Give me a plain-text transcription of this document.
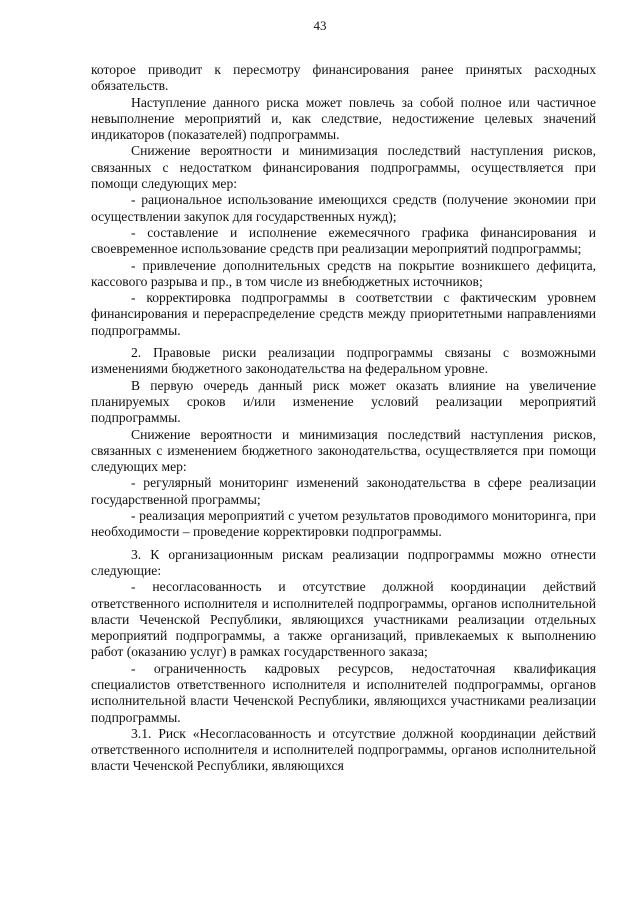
43

которое приводит к пересмотру финансирования ранее принятых расходных обязательств.

Наступление данного риска может повлечь за собой полное или частичное невыполнение мероприятий и, как следствие, недостижение целевых значений индикаторов (показателей) подпрограммы.

Снижение вероятности и минимизация последствий наступления рисков, связанных с недостатком финансирования подпрограммы, осуществляется при помощи следующих мер:

- рациональное использование имеющихся средств (получение экономии при осуществлении закупок для государственных нужд);

- составление и исполнение ежемесячного графика финансирования и своевременное использование средств при реализации мероприятий подпрограммы;

- привлечение дополнительных средств на покрытие возникшего дефицита, кассового разрыва и пр., в том числе из внебюджетных источников;

- корректировка подпрограммы в соответствии с фактическим уровнем финансирования и перераспределение средств между приоритетными направлениями подпрограммы.

2. Правовые риски реализации подпрограммы связаны с возможными изменениями бюджетного законодательства на федеральном уровне.

В первую очередь данный риск может оказать влияние на увеличение планируемых сроков и/или изменение условий реализации мероприятий подпрограммы.

Снижение вероятности и минимизация последствий наступления рисков, связанных с изменением бюджетного законодательства, осуществляется при помощи следующих мер:

- регулярный мониторинг изменений законодательства в сфере реализации государственной программы;

- реализация мероприятий с учетом результатов проводимого мониторинга, при необходимости – проведение корректировки подпрограммы.

3. К организационным рискам реализации подпрограммы можно отнести следующие:

- несогласованность и отсутствие должной координации действий ответственного исполнителя и исполнителей подпрограммы, органов исполнительной власти Чеченской Республики, являющихся участниками реализации отдельных мероприятий подпрограммы, а также организаций, привлекаемых к выполнению работ (оказанию услуг) в рамках государственного заказа;

- ограниченность кадровых ресурсов, недостаточная квалификация специалистов ответственного исполнителя и исполнителей подпрограммы, органов исполнительной власти Чеченской Республики, являющихся участниками реализации подпрограммы.

3.1. Риск «Несогласованность и отсутствие должной координации действий ответственного исполнителя и исполнителей подпрограммы, органов исполнительной власти Чеченской Республики, являющихся
